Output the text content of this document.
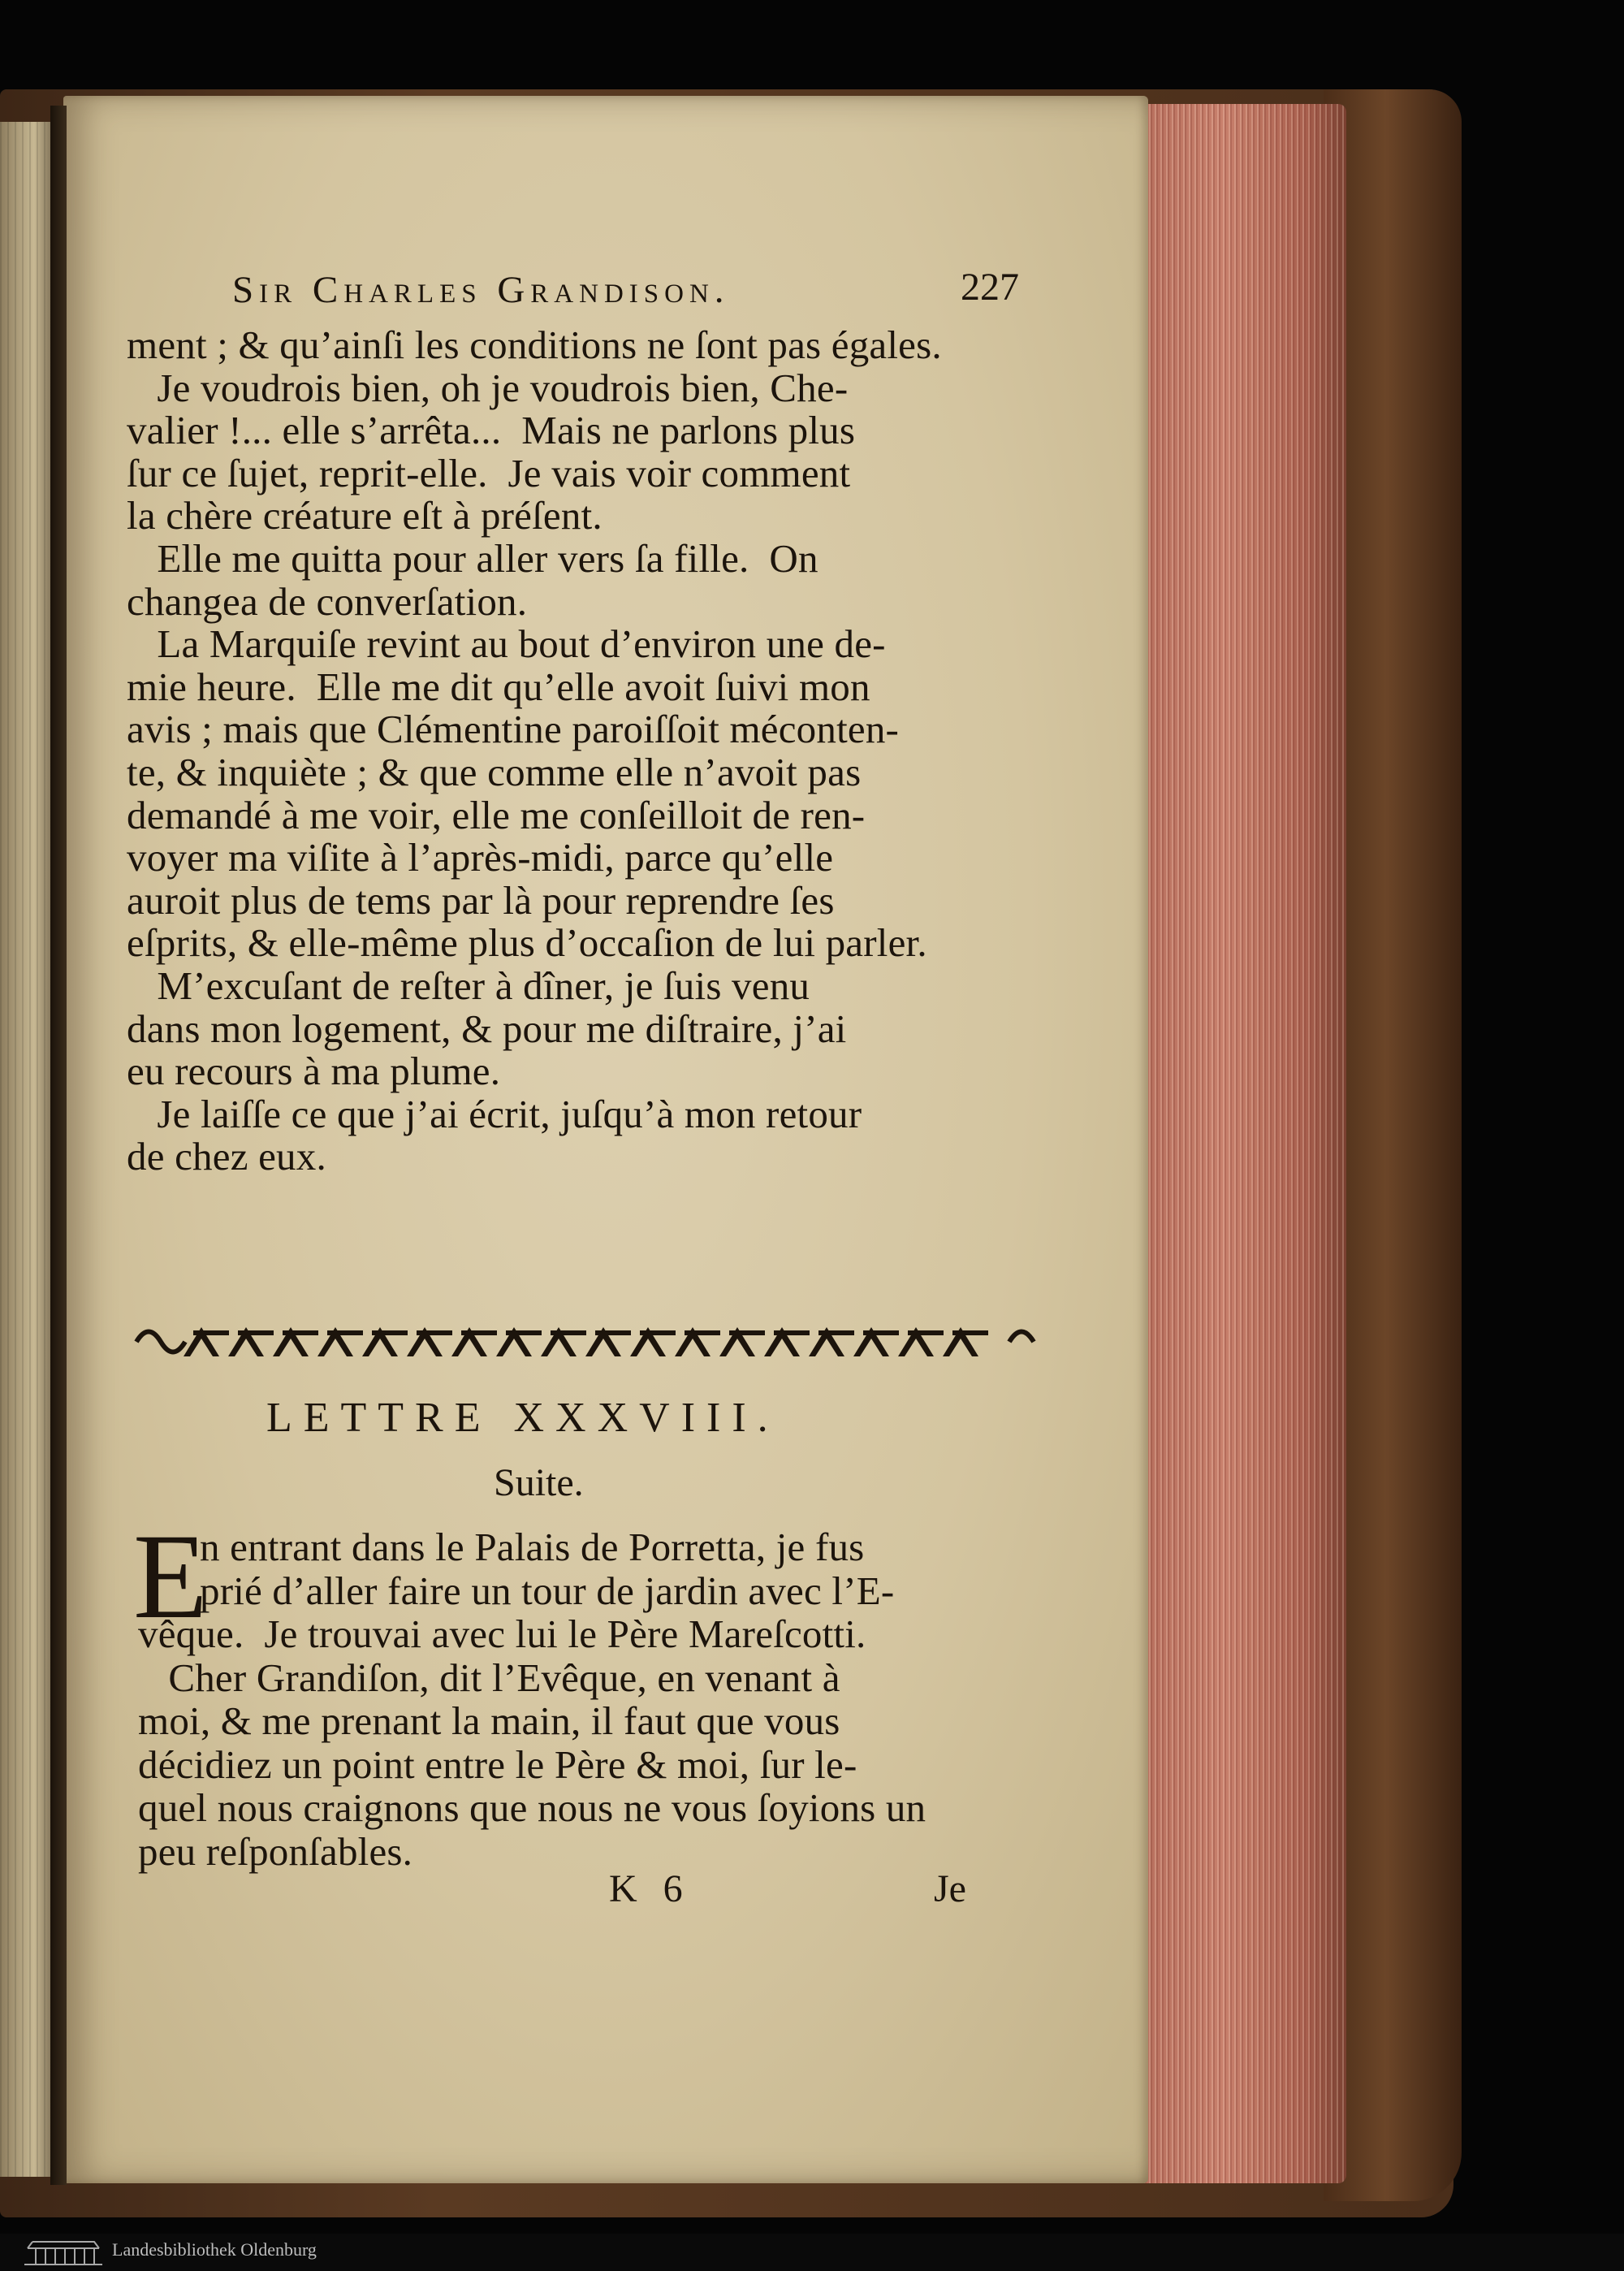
Sir Charles Grandison.	227
ment ; & qu’ainſi les conditions ne ſont pas égales.
Je voudrois bien, oh je voudrois bien, Che-
valier !... elle s’arrêta...  Mais ne parlons plus
ſur ce ſujet, reprit-elle.  Je vais voir comment
la chère créature eſt à préſent.
Elle me quitta pour aller vers ſa fille.  On
changea de converſation.
La Marquiſe revint au bout d’environ une de-
mie heure.  Elle me dit qu’elle avoit ſuivi mon
avis ; mais que Clémentine paroiſſoit méconten-
te, & inquiète ; & que comme elle n’avoit pas
demandé à me voir, elle me conſeilloit de ren-
voyer ma viſite à l’après-midi, parce qu’elle
auroit plus de tems par là pour reprendre ſes
eſprits, & elle-même plus d’occaſion de lui parler.
M’excuſant de reſter à dîner, je ſuis venu
dans mon logement, & pour me diſtraire, j’ai
eu recours à ma plume.
Je laiſſe ce que j’ai écrit, juſqu’à mon retour
de chez eux.
LETTRE XXXVIII.
Suite.
E
n entrant dans le Palais de Porretta, je fus
prié d’aller faire un tour de jardin avec l’E-
vêque.  Je trouvai avec lui le Père Mareſcotti.
Cher Grandiſon, dit l’Evêque, en venant à
moi, & me prenant la main, il faut que vous
décidiez un point entre le Père & moi, ſur le-
quel nous craignons que nous ne vous ſoyions un
peu reſponſables.
K 6	Je
Landesbibliothek Oldenburg
